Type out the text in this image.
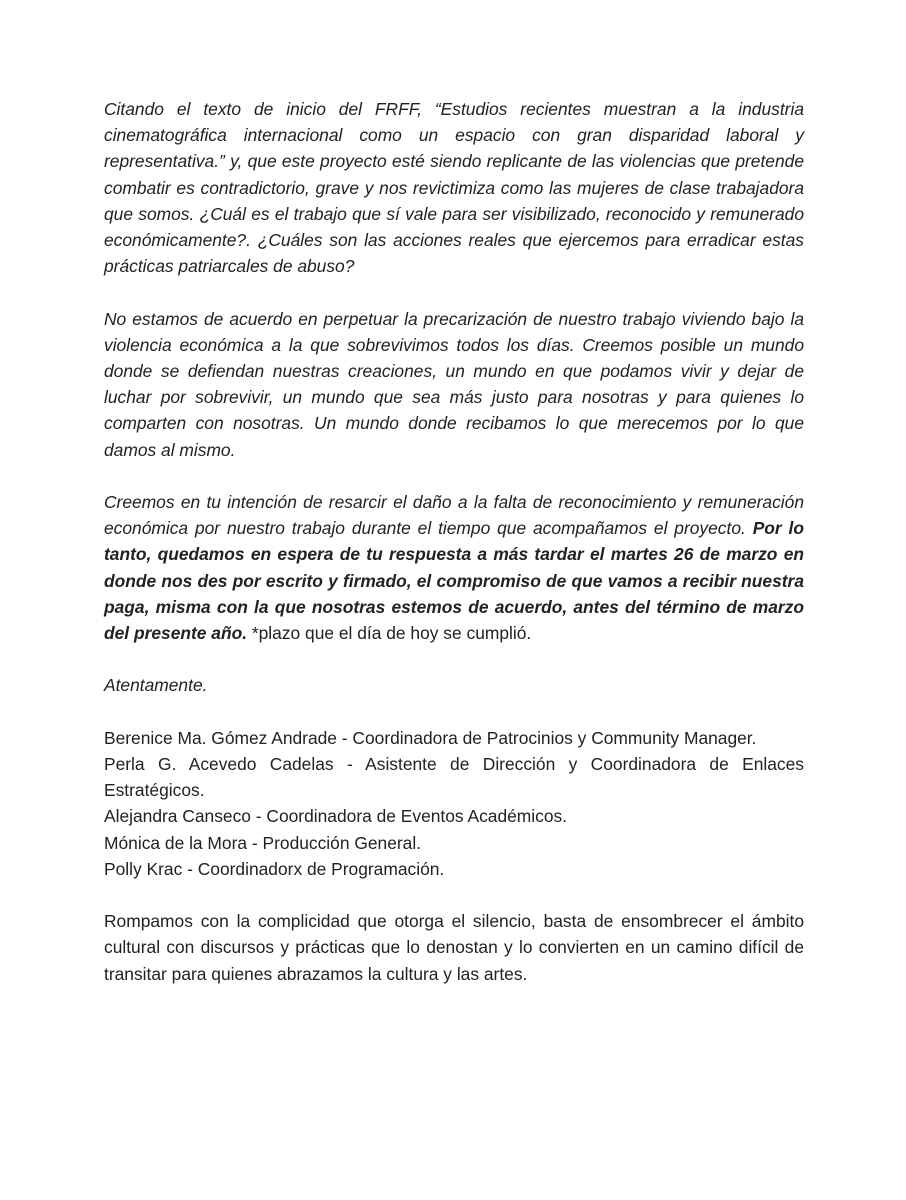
Citando el texto de inicio del FRFF, “Estudios recientes muestran a la industria cinematográfica internacional como un espacio con gran disparidad laboral y representativa.” y, que este proyecto esté siendo replicante de las violencias que pretende combatir es contradictorio, grave y nos revictimiza como las mujeres de clase trabajadora que somos. ¿Cuál es el trabajo que sí vale para ser visibilizado, reconocido y remunerado económicamente?. ¿Cuáles son las acciones reales que ejercemos para erradicar estas prácticas patriarcales de abuso?

No estamos de acuerdo en perpetuar la precarización de nuestro trabajo viviendo bajo la violencia económica a la que sobrevivimos todos los días. Creemos posible un mundo donde se defiendan nuestras creaciones, un mundo en que podamos vivir y dejar de luchar por sobrevivir, un mundo que sea más justo para nosotras y para quienes lo comparten con nosotras. Un mundo donde recibamos lo que merecemos por lo que damos al mismo.

Creemos en tu intención de resarcir el daño a la falta de reconocimiento y remuneración económica por nuestro trabajo durante el tiempo que acompañamos el proyecto. Por lo tanto, quedamos en espera de tu respuesta a más tardar el martes 26 de marzo en donde nos des por escrito y firmado, el compromiso de que vamos a recibir nuestra paga, misma con la que nosotras estemos de acuerdo, antes del término de marzo del presente año. *plazo que el día de hoy se cumplió.

Atentamente.

Berenice Ma. Gómez Andrade - Coordinadora de Patrocinios y Community Manager.
Perla G. Acevedo Cadelas - Asistente de Dirección y Coordinadora de Enlaces Estratégicos.
Alejandra Canseco - Coordinadora de Eventos Académicos.
Mónica de la Mora - Producción General.
Polly Krac - Coordinadorx de Programación.

Rompamos con la complicidad que otorga el silencio, basta de ensombrecer el ámbito cultural con discursos y prácticas que lo denostan y lo convierten en un camino difícil de transitar para quienes abrazamos la cultura y las artes.
